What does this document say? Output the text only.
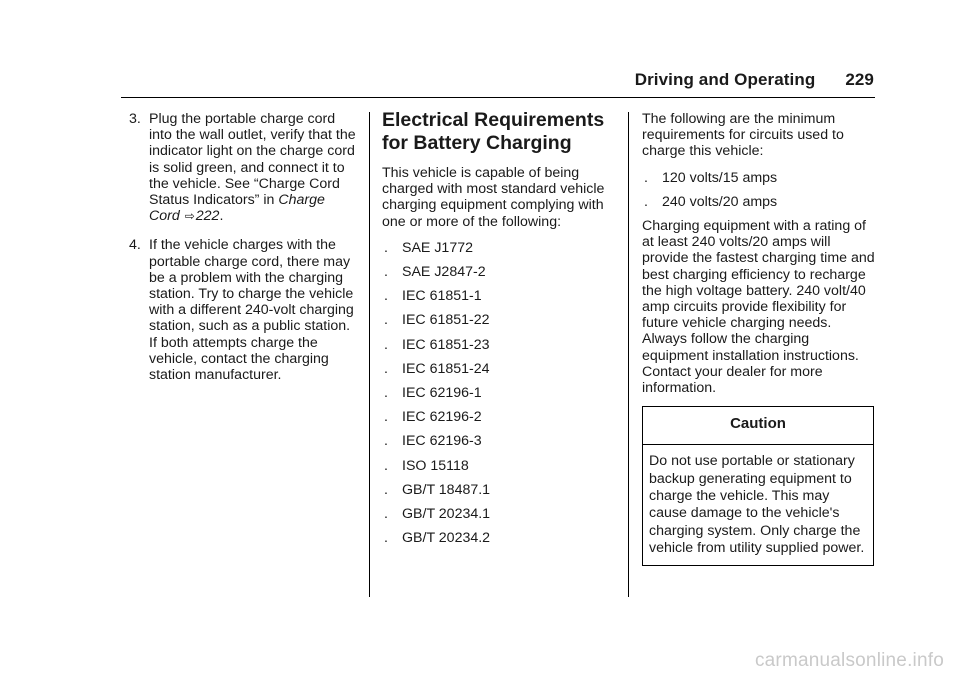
Driving and Operating 229
3. Plug the portable charge cord into the wall outlet, verify that the indicator light on the charge cord is solid green, and connect it to the vehicle. See “Charge Cord Status Indicators” in Charge Cord ⇨222.
4. If the vehicle charges with the portable charge cord, there may be a problem with the charging station. Try to charge the vehicle with a different 240-volt charging station, such as a public station. If both attempts charge the vehicle, contact the charging station manufacturer.
Electrical Requirements for Battery Charging

This vehicle is capable of being charged with most standard vehicle charging equipment complying with one or more of the following:

. SAE J1772
. SAE J2847-2
. IEC 61851-1
. IEC 61851-22
. IEC 61851-23
. IEC 61851-24
. IEC 62196-1
. IEC 62196-2
. IEC 62196-3
. ISO 15118
. GB/T 18487.1
. GB/T 20234.1
. GB/T 20234.2

The following are the minimum requirements for circuits used to charge this vehicle:

. 120 volts/15 amps
. 240 volts/20 amps

Charging equipment with a rating of at least 240 volts/20 amps will provide the fastest charging time and best charging efficiency to recharge the high voltage battery. 240 volt/40 amp circuits provide flexibility for future vehicle charging needs. Always follow the charging equipment installation instructions. Contact your dealer for more information.

Caution
Do not use portable or stationary backup generating equipment to charge the vehicle. This may cause damage to the vehicle's charging system. Only charge the vehicle from utility supplied power.
carmanualsonline.info
